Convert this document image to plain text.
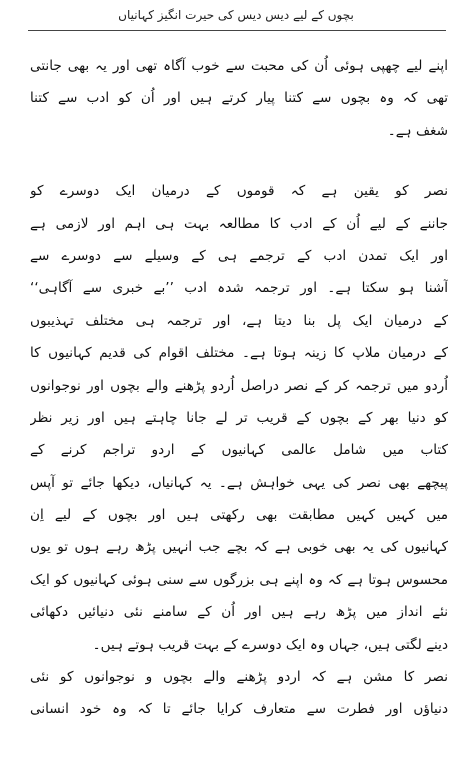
بچوں کے لیے دیس دیس کی حیرت انگیز کہانیاں
اپنے لیے چھپی ہوئی اُن کی محبت سے خوب آگاہ تھی اور یہ بھی جانتی
تھی کہ وہ بچوں سے کتنا پیار کرتے ہیں اور اُن کو ادب سے کتنا
شغف ہے۔
نصر کو یقین ہے کہ قوموں کے درمیان ایک دوسرے کو
جاننے کے لیے اُن کے ادب کا مطالعہ بہت ہی اہم اور لازمی ہے
اور ایک تمدن ادب کے ترجمے ہی کے وسیلے سے دوسرے سے
آشنا ہو سکتا ہے۔ اور ترجمہ شدہ ادب ’’بے خبری سے آگاہی‘‘
کے درمیان ایک پل بنا دیتا ہے، اور ترجمہ ہی مختلف تہذیبوں
کے درمیان ملاپ کا زینہ ہوتا ہے۔ مختلف اقوام کی قدیم کہانیوں کا
اُردو میں ترجمہ کر کے نصر دراصل اُردو پڑھنے والے بچوں اور نوجوانوں
کو دنیا بھر کے بچوں کے قریب تر لے جانا چاہتے ہیں اور زیر نظر
کتاب میں شامل عالمی کہانیوں کے اردو تراجم کرنے کے
پیچھے بھی نصر کی یہی خواہش ہے۔ یہ کہانیاں، دیکھا جائے تو آپس
میں کہیں کہیں مطابقت بھی رکھتی ہیں اور بچوں کے لیے اِن
کہانیوں کی یہ بھی خوبی ہے کہ بچے جب انہیں پڑھ رہے ہوں تو یوں
محسوس ہوتا ہے کہ وہ اپنے ہی بزرگوں سے سنی ہوئی کہانیوں کو ایک
نئے انداز میں پڑھ رہے ہیں اور اُن کے سامنے نئی دنیائیں دکھائی
دینے لگتی ہیں، جہاں وہ ایک دوسرے کے بہت قریب ہوتے ہیں۔
نصر کا مشن ہے کہ اردو پڑھنے والے بچوں و نوجوانوں کو نئی
دنیاؤں اور فطرت سے متعارف کرایا جائے تا کہ وہ خود انسانی
